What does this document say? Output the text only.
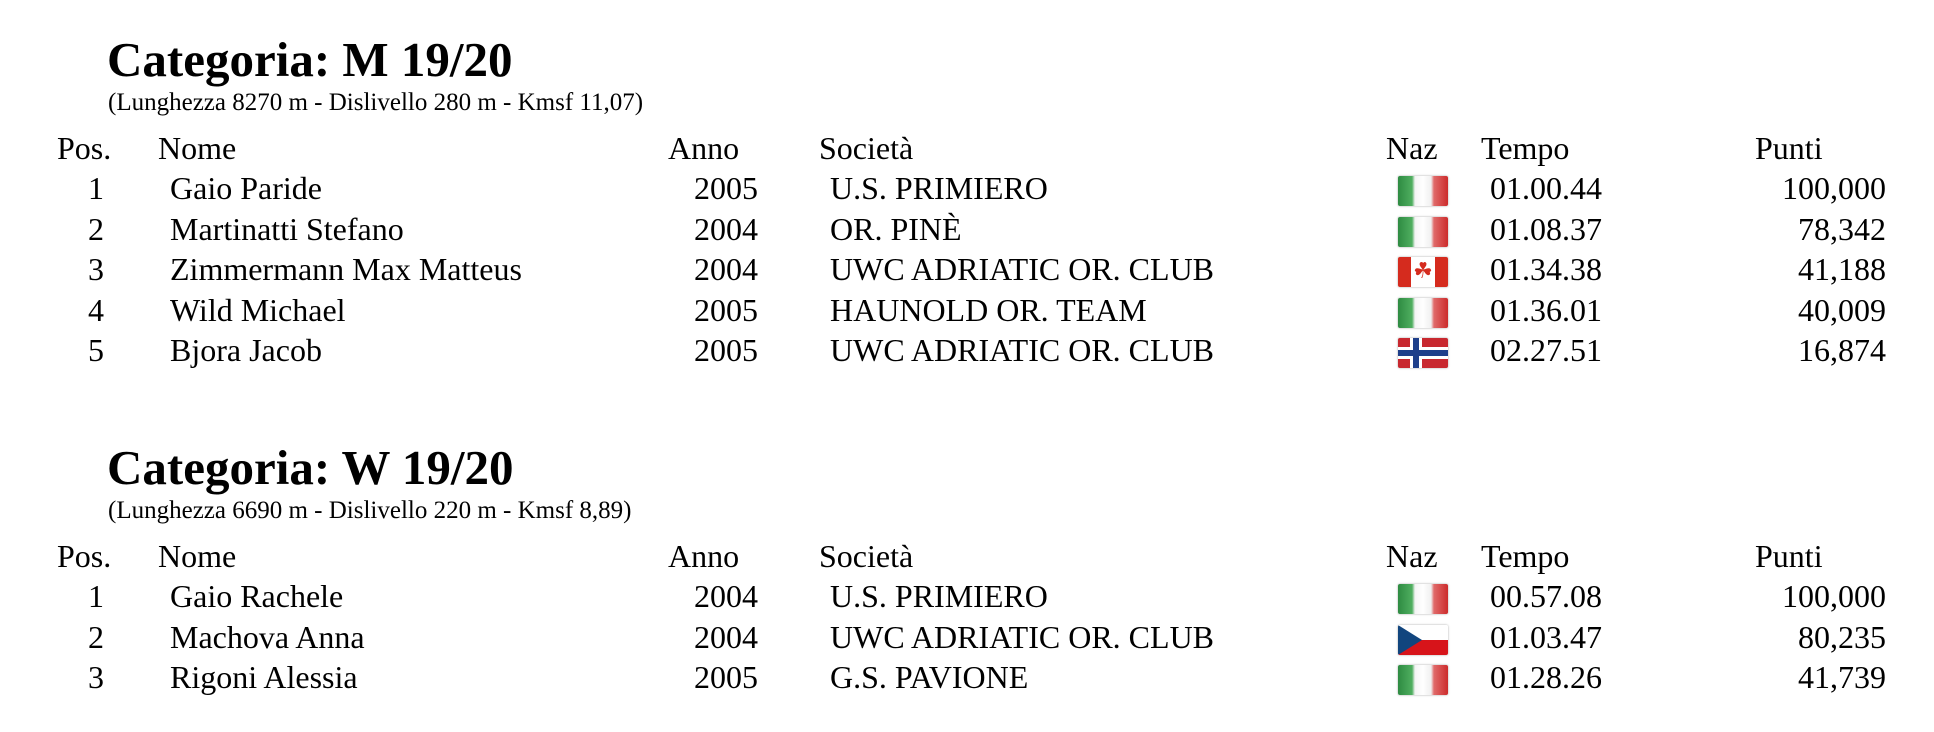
Categoria: M 19/20
(Lunghezza 8270 m - Dislivello 280 m - Kmsf 11,07)
Pos. Nome	Anno Società	Naz Tempo	Punti
1	Gaio Paride	2005 U.S. PRIMIERO	01.00.44	100,000
2	Martinatti Stefano	2004 OR. PINÈ	01.08.37	78,342
3	Zimmermann Max Matteus	2004 UWC ADRIATIC OR. CLUB
☘	01.34.38	41,188
4	Wild Michael	2005 HAUNOLD OR. TEAM	01.36.01	40,009
5	Bjora Jacob	2005 UWC ADRIATIC OR. CLUB	02.27.51	16,874
Categoria: W 19/20
(Lunghezza 6690 m - Dislivello 220 m - Kmsf 8,89)
Pos. Nome	Anno Società	Naz Tempo	Punti
1	Gaio Rachele	2004 U.S. PRIMIERO	00.57.08	100,000
2	Machova Anna	2004 UWC ADRIATIC OR. CLUB	01.03.47	80,235
3	Rigoni Alessia	2005 G.S. PAVIONE	01.28.26	41,739
